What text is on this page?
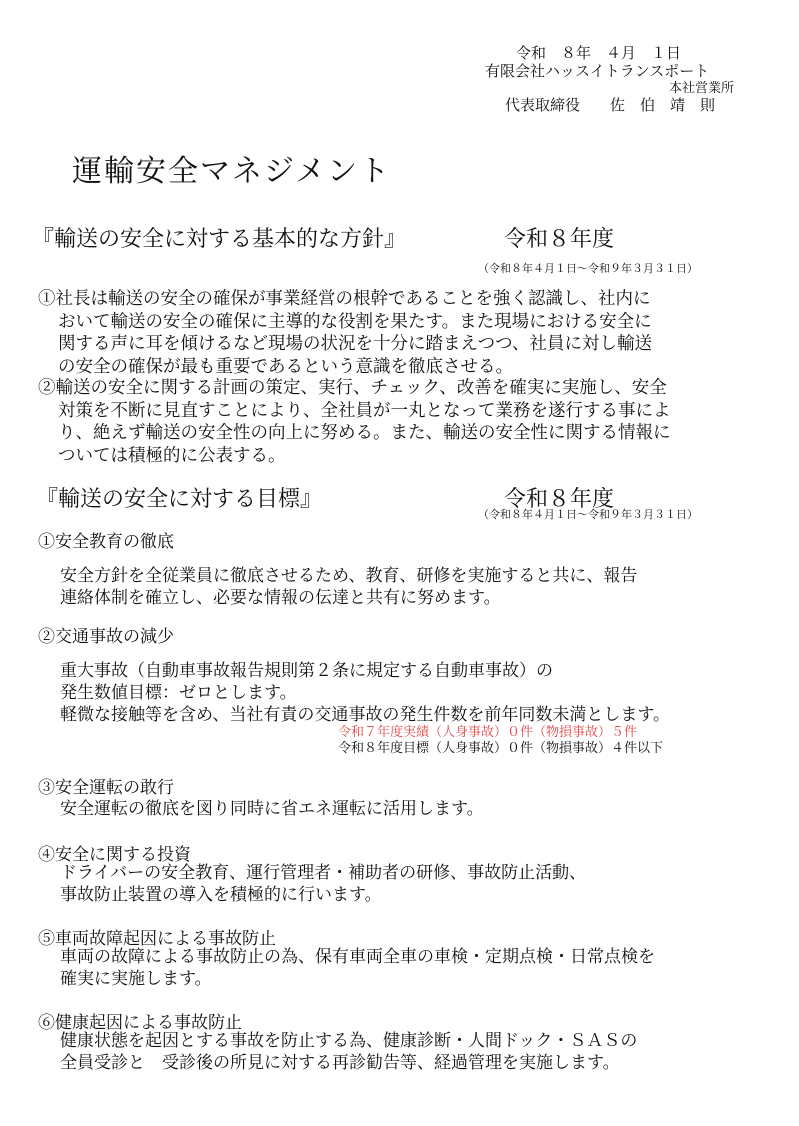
令和　８年　４月　１日
有限会社ハッスイトランスポート
本社営業所
代表取締役　　佐　伯　靖　則
運輸安全マネジメント
『輸送の安全に対する基本的な方針』	令和８年度
（令和８年４月１日～令和９年３月３１日）
①社長は輸送の安全の確保が事業経営の根幹であることを強く認識し、社内に
おいて輸送の安全の確保に主導的な役割を果たす。また現場における安全に
関する声に耳を傾けるなど現場の状況を十分に踏まえつつ、社員に対し輸送
の安全の確保が最も重要であるという意識を徹底させる。
②輸送の安全に関する計画の策定、実行、チェック、改善を確実に実施し、安全
対策を不断に見直すことにより、全社員が一丸となって業務を遂行する事によ
り、絶えず輸送の安全性の向上に努める。また、輸送の安全性に関する情報に
ついては積極的に公表する。
『輸送の安全に対する目標』	令和８年度
（令和８年４月１日～令和９年３月３１日）
①安全教育の徹底
安全方針を全従業員に徹底させるため、教育、研修を実施すると共に、報告
連絡体制を確立し、必要な情報の伝達と共有に努めます。
②交通事故の減少
重大事故（自動車事故報告規則第２条に規定する自動車事故）の
発生数値目標：ゼロとします。
軽微な接触等を含め、当社有責の交通事故の発生件数を前年同数未満とします。
令和７年度実績（人身事故）０件（物損事故）５件
令和８年度目標（人身事故）０件（物損事故）４件以下
③安全運転の敢行
安全運転の徹底を図り同時に省エネ運転に活用します。
④安全に関する投資
ドライバーの安全教育、運行管理者・補助者の研修、事故防止活動、
事故防止装置の導入を積極的に行います。
⑤車両故障起因による事故防止
車両の故障による事故防止の為、保有車両全車の車検・定期点検・日常点検を
確実に実施します。
⑥健康起因による事故防止
健康状態を起因とする事故を防止する為、健康診断・人間ドック・ＳＡＳの
全員受診と　受診後の所見に対する再診勧告等、経過管理を実施します。
